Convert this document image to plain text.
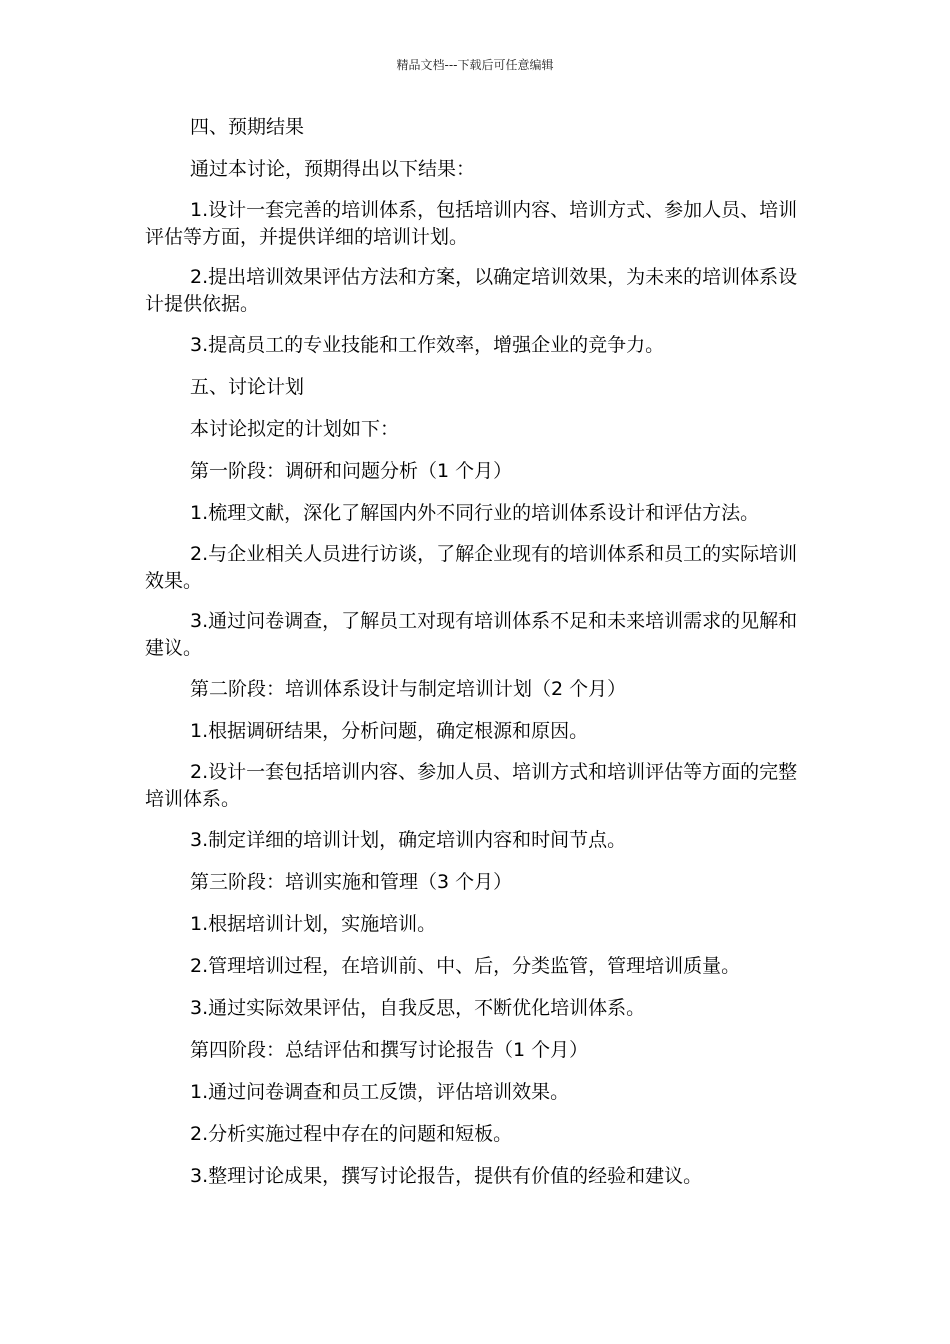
精品文档---下载后可任意编辑

四、预期结果

通过本讨论，预期得出以下结果：

1.设计一套完善的培训体系，包括培训内容、培训方式、参加人员、培训评估等方面，并提供详细的培训计划。

2.提出培训效果评估方法和方案，以确定培训效果，为未来的培训体系设计提供依据。

3.提高员工的专业技能和工作效率，增强企业的竞争力。

五、讨论计划

本讨论拟定的计划如下：

第一阶段：调研和问题分析（1 个月）

1.梳理文献，深化了解国内外不同行业的培训体系设计和评估方法。

2.与企业相关人员进行访谈，了解企业现有的培训体系和员工的实际培训效果。

3.通过问卷调查，了解员工对现有培训体系不足和未来培训需求的见解和建议。

第二阶段：培训体系设计与制定培训计划（2 个月）

1.根据调研结果，分析问题，确定根源和原因。

2.设计一套包括培训内容、参加人员、培训方式和培训评估等方面的完整培训体系。

3.制定详细的培训计划，确定培训内容和时间节点。

第三阶段：培训实施和管理（3 个月）

1.根据培训计划，实施培训。

2.管理培训过程，在培训前、中、后，分类监管，管理培训质量。

3.通过实际效果评估，自我反思，不断优化培训体系。

第四阶段：总结评估和撰写讨论报告（1 个月）

1.通过问卷调查和员工反馈，评估培训效果。

2.分析实施过程中存在的问题和短板。

3.整理讨论成果，撰写讨论报告，提供有价值的经验和建议。
